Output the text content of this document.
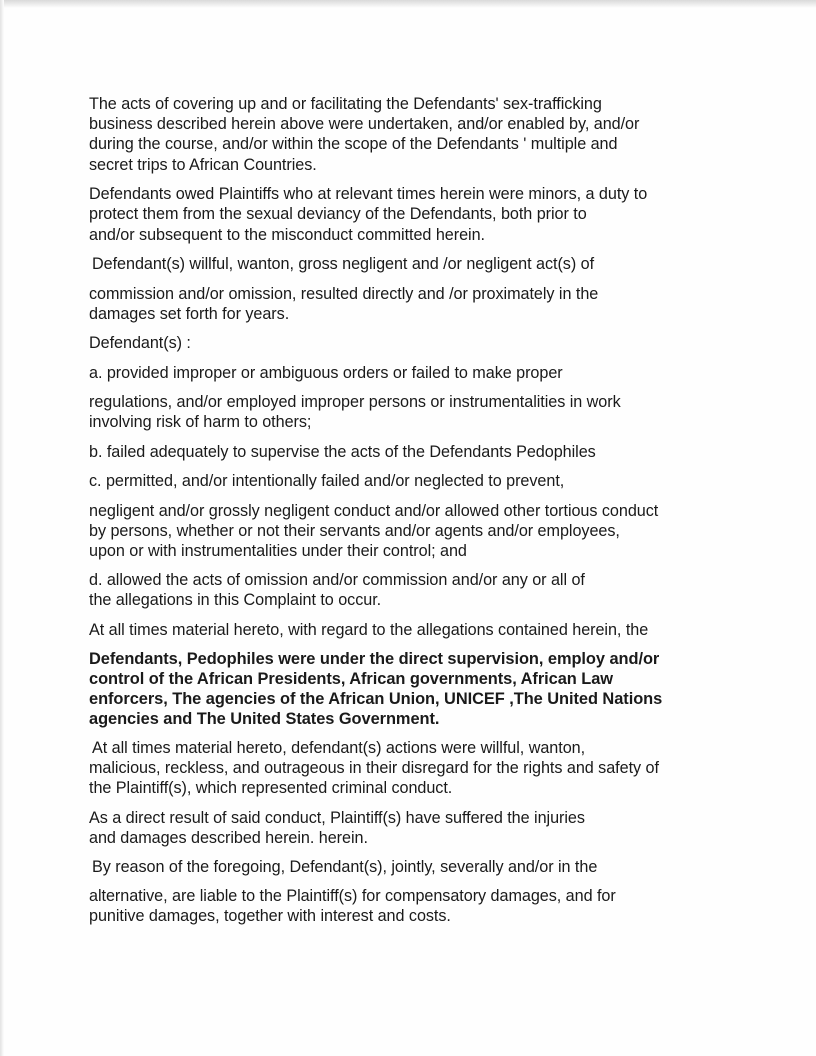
The acts of covering up and or facilitating the Defendants' sex-trafficking

business described herein above were undertaken, and/or enabled by, and/or

during the course, and/or within the scope of the Defendants ' multiple and

secret trips to African Countries.

Defendants owed Plaintiffs who at relevant times herein were minors, a duty to

protect them from the sexual deviancy of the Defendants, both prior to

and/or subsequent to the misconduct committed herein.

Defendant(s) willful, wanton, gross negligent and /or negligent act(s) of

commission and/or omission, resulted directly and /or proximately in the

damages set forth for years.

Defendant(s) :

a. provided improper or ambiguous orders or failed to make proper

regulations, and/or employed improper persons or instrumentalities in work

involving risk of harm to others;

b. failed adequately to supervise the acts of the Defendants Pedophiles

c. permitted, and/or intentionally failed and/or neglected to prevent,

negligent and/or grossly negligent conduct and/or allowed other tortious conduct

by persons, whether or not their servants and/or agents and/or employees,

upon or with instrumentalities under their control; and

d. allowed the acts of omission and/or commission and/or any or all of

the allegations in this Complaint to occur.

At all times material hereto, with regard to the allegations contained herein, the

Defendants, Pedophiles were under the direct supervision, employ and/or

control of the African Presidents, African governments, African Law

enforcers, The agencies of the African Union, UNICEF ,The United Nations

agencies and The United States Government.

At all times material hereto, defendant(s) actions were willful, wanton,

malicious, reckless, and outrageous in their disregard for the rights and safety of

the Plaintiff(s), which represented criminal conduct.

As a direct result of said conduct, Plaintiff(s) have suffered the injuries

and damages described herein. herein.

By reason of the foregoing, Defendant(s), jointly, severally and/or in the

alternative, are liable to the Plaintiff(s) for compensatory damages, and for

punitive damages, together with interest and costs.
